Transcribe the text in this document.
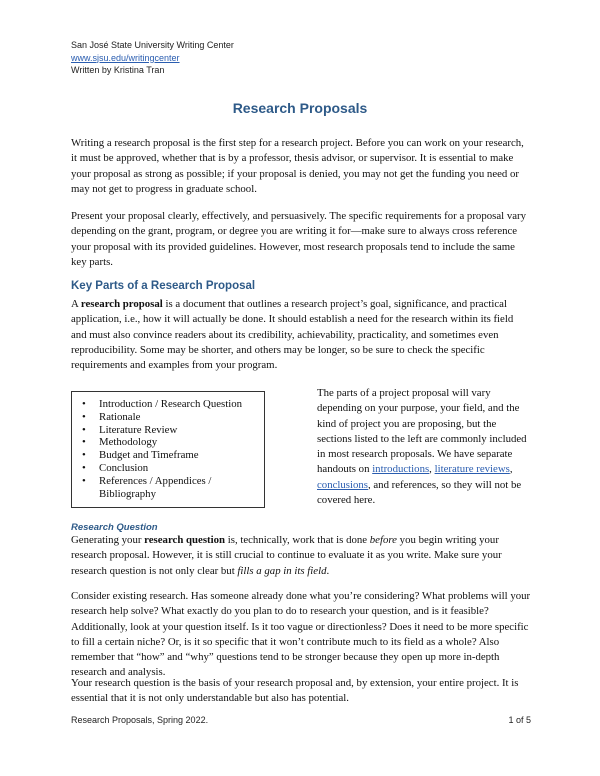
San José State University Writing Center
www.sjsu.edu/writingcenter
Written by Kristina Tran
Research Proposals

Writing a research proposal is the first step for a research project. Before you can work on your research, it must be approved, whether that is by a professor, thesis advisor, or supervisor. It is essential to make your proposal as strong as possible; if your proposal is denied, you may not get the funding you need or may not get to progress in graduate school.

Present your proposal clearly, effectively, and persuasively. The specific requirements for a proposal vary depending on the grant, program, or degree you are writing it for—make sure to always cross reference your proposal with its provided guidelines. However, most research proposals tend to include the same key parts.

Key Parts of a Research Proposal

A research proposal is a document that outlines a research project’s goal, significance, and practical application, i.e., how it will actually be done. It should establish a need for the research within its field and must also convince readers about its credibility, achievability, practicality, and sometimes even reproducibility. Some may be shorter, and others may be longer, so be sure to check the specific requirements and examples from your program.

• Introduction / Research Question
• Rationale
• Literature Review
• Methodology
• Budget and Timeframe
• Conclusion
• References / Appendices / Bibliography

The parts of a project proposal will vary depending on your purpose, your field, and the kind of project you are proposing, but the sections listed to the left are commonly included in most research proposals. We have separate handouts on introductions, literature reviews, conclusions, and references, so they will not be covered here.

Research Question

Generating your research question is, technically, work that is done before you begin writing your research proposal. However, it is still crucial to continue to evaluate it as you write. Make sure your research question is not only clear but fills a gap in its field.

Consider existing research. Has someone already done what you’re considering? What problems will your research help solve? What exactly do you plan to do to research your question, and is it feasible? Additionally, look at your question itself. Is it too vague or directionless? Does it need to be more specific to fill a certain niche? Or, is it so specific that it won’t contribute much to its field as a whole? Also remember that “how” and “why” questions tend to be stronger because they open up more in-depth research and analysis.

Your research question is the basis of your research proposal and, by extension, your entire project. It is essential that it is not only understandable but also has potential.

Research Proposals, Spring 2022.	1 of 5
